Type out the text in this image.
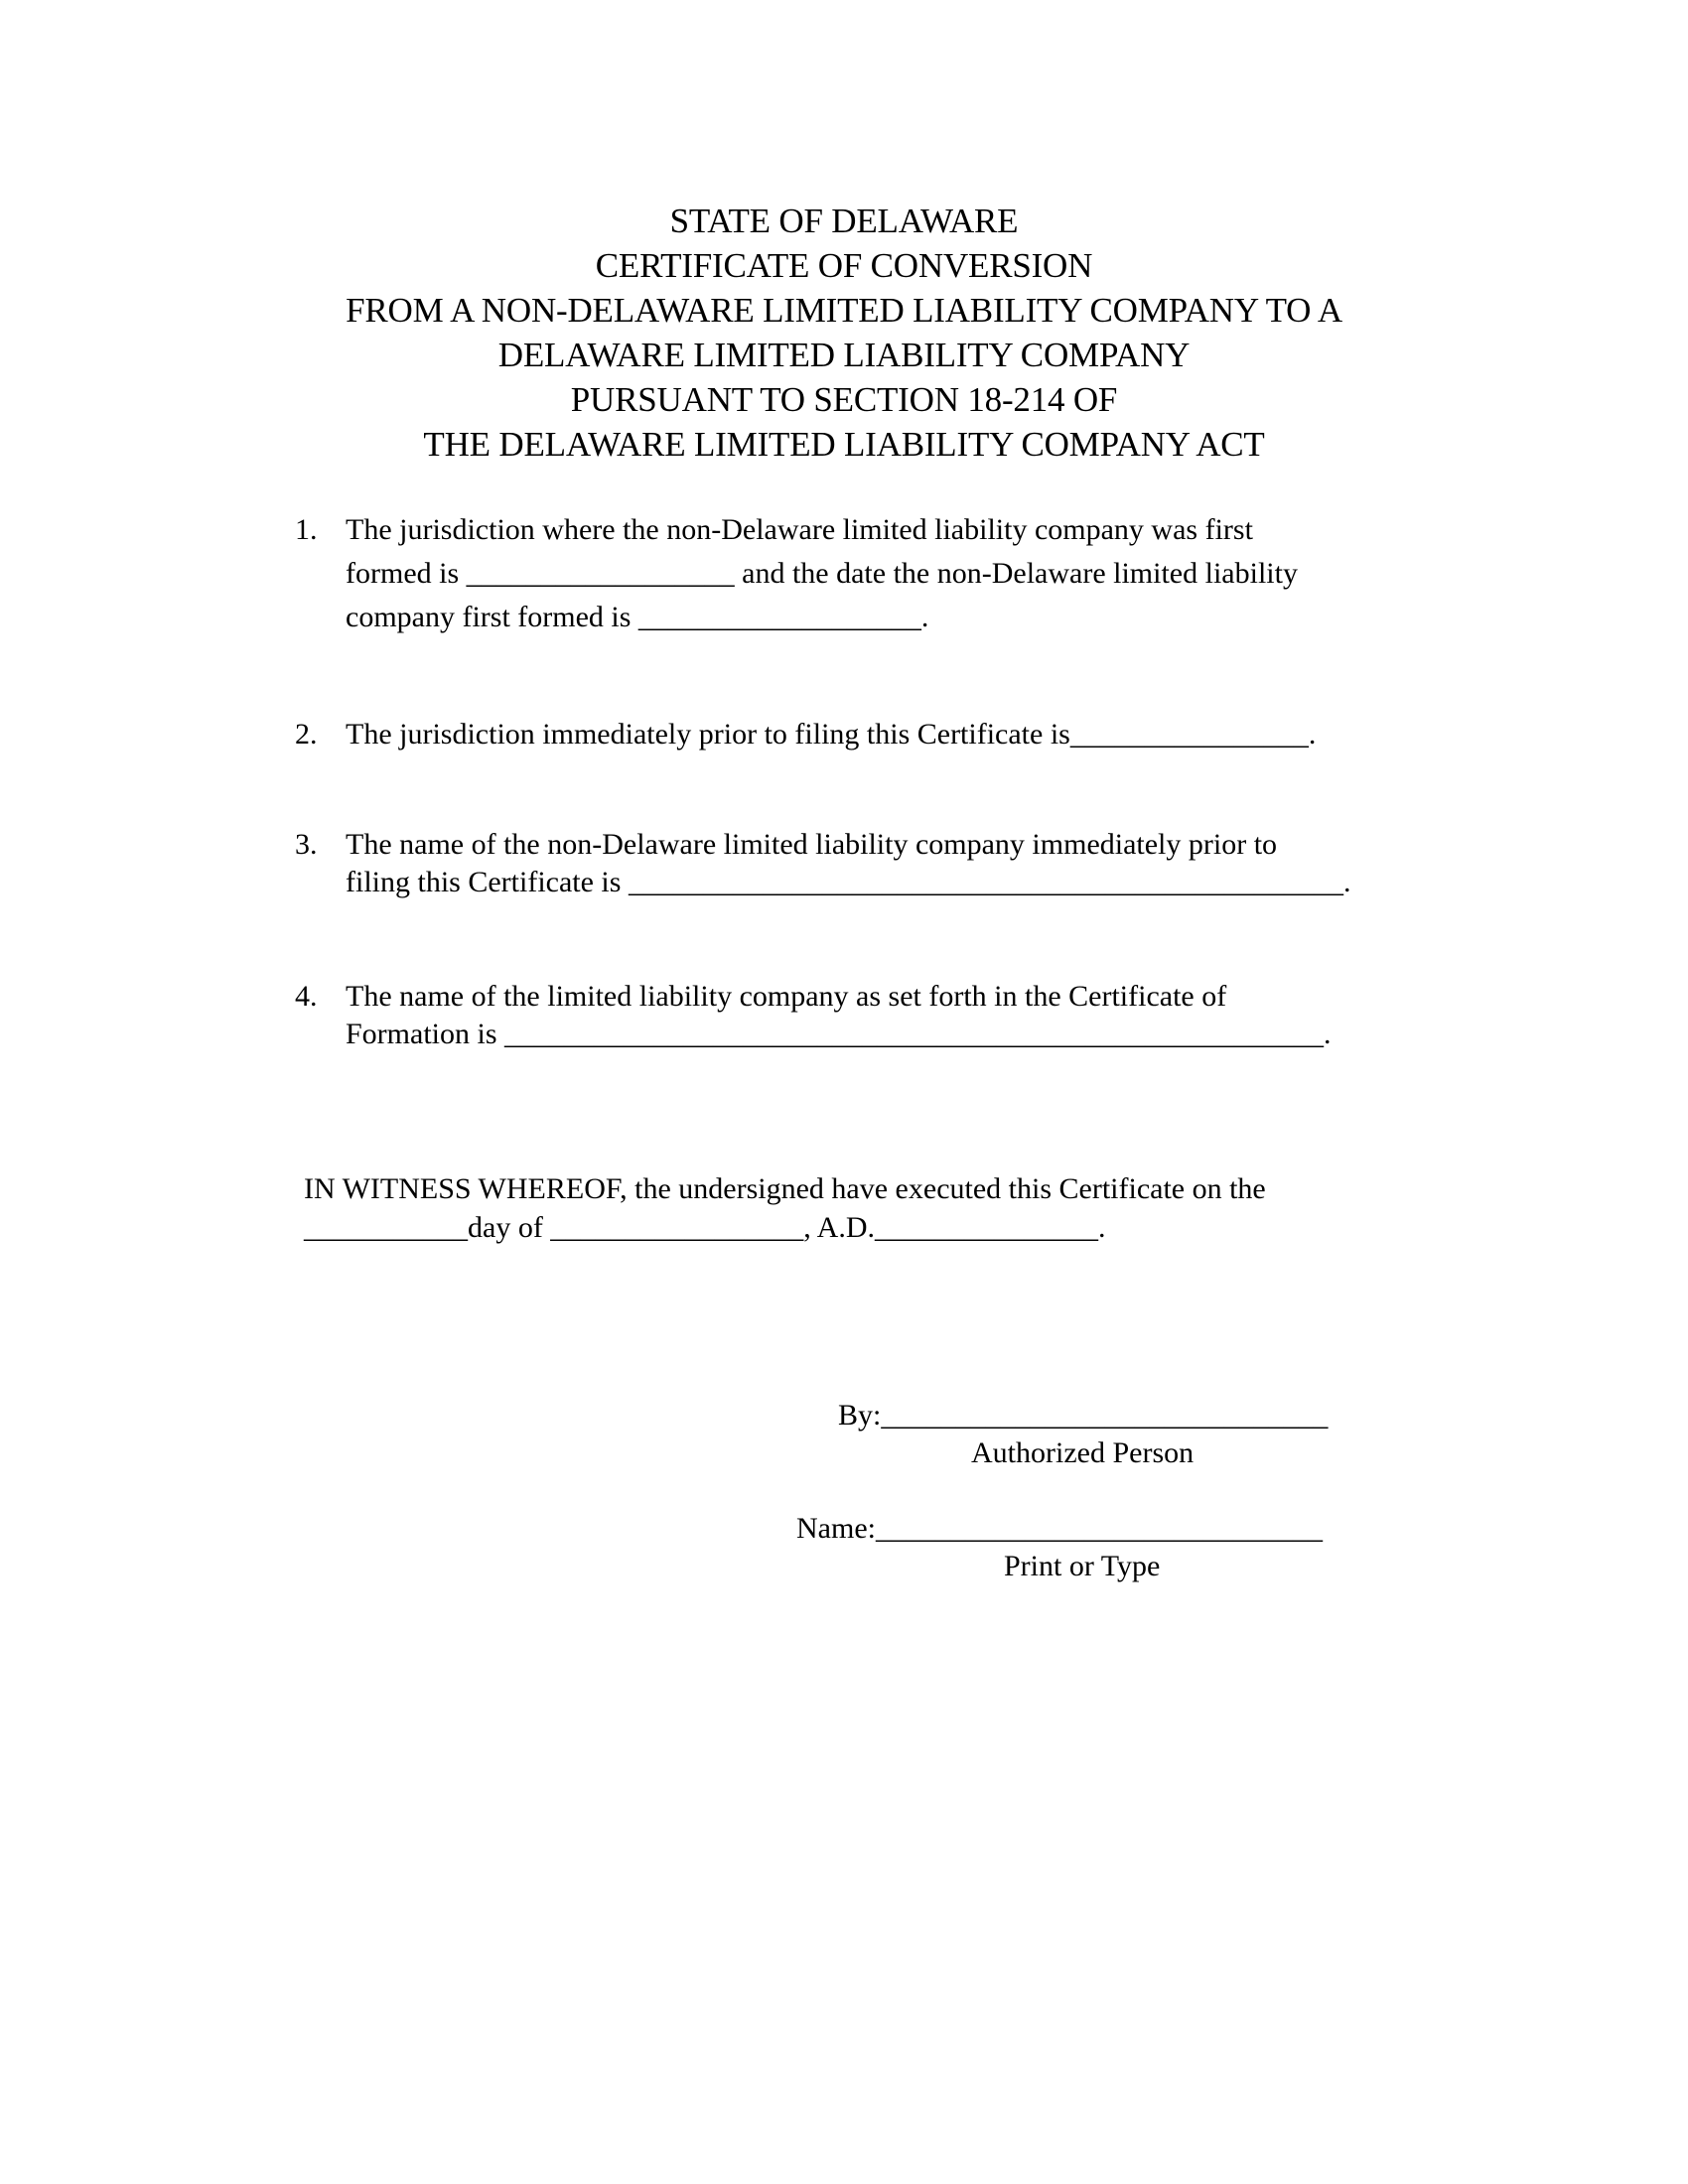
STATE OF DELAWARE
CERTIFICATE OF CONVERSION
FROM A NON-DELAWARE LIMITED LIABILITY COMPANY TO A
DELAWARE LIMITED LIABILITY COMPANY
PURSUANT TO SECTION 18-214 OF
THE DELAWARE LIMITED LIABILITY COMPANY ACT
1. The jurisdiction where the non-Delaware limited liability company was first
formed is __________________ and the date the non-Delaware limited liability
company first formed is ___________________.
2. The jurisdiction immediately prior to filing this Certificate is________________.
3. The name of the non-Delaware limited liability company immediately prior to
filing this Certificate is ________________________________________________.
4. The name of the limited liability company as set forth in the Certificate of
Formation is _______________________________________________________.
IN WITNESS WHEREOF, the undersigned have executed this Certificate on the
___________day of _________________, A.D._______________.
By:______________________________
Authorized Person
Name:______________________________
Print or Type
